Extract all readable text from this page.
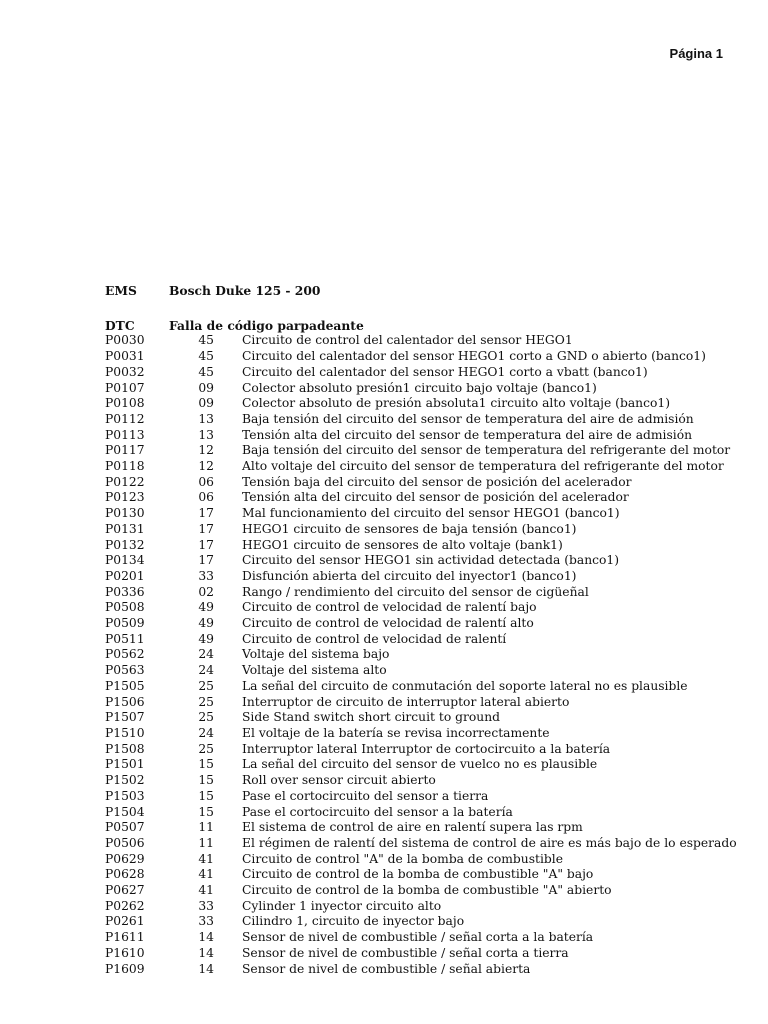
Página 1
EMS	Bosch Duke 125 - 200
DTC	Falla de código parpadeante
P0030	45	Circuito de control del calentador del sensor HEGO1
P0031	45	Circuito del calentador del sensor HEGO1 corto a GND o abierto (banco1)
P0032	45	Circuito del calentador del sensor HEGO1 corto a vbatt (banco1)
P0107	09	Colector absoluto presión1 circuito bajo voltaje (banco1)
P0108	09	Colector absoluto de presión absoluta1 circuito alto voltaje (banco1)
P0112	13	Baja tensión del circuito del sensor de temperatura del aire de admisión
P0113	13	Tensión alta del circuito del sensor de temperatura del aire de admisión
P0117	12	Baja tensión del circuito del sensor de temperatura del refrigerante del motor
P0118	12	Alto voltaje del circuito del sensor de temperatura del refrigerante del motor
P0122	06	Tensión baja del circuito del sensor de posición del acelerador
P0123	06	Tensión alta del circuito del sensor de posición del acelerador
P0130	17	Mal funcionamiento del circuito del sensor HEGO1 (banco1)
P0131	17	HEGO1 circuito de sensores de baja tensión (banco1)
P0132	17	HEGO1 circuito de sensores de alto voltaje (bank1)
P0134	17	Circuito del sensor HEGO1 sin actividad detectada (banco1)
P0201	33	Disfunción abierta del circuito del inyector1 (banco1)
P0336	02	Rango / rendimiento del circuito del sensor de cigüeñal
P0508	49	Circuito de control de velocidad de ralentí bajo
P0509	49	Circuito de control de velocidad de ralentí alto
P0511	49	Circuito de control de velocidad de ralentí
P0562	24	Voltaje del sistema bajo
P0563	24	Voltaje del sistema alto
P1505	25	La señal del circuito de conmutación del soporte lateral no es plausible
P1506	25	Interruptor de circuito de interruptor lateral abierto
P1507	25	Side Stand switch short circuit to ground
P1510	24	El voltaje de la batería se revisa incorrectamente
P1508	25	Interruptor lateral Interruptor de cortocircuito a la batería
P1501	15	La señal del circuito del sensor de vuelco no es plausible
P1502	15	Roll over sensor circuit abierto
P1503	15	Pase el cortocircuito del sensor a tierra
P1504	15	Pase el cortocircuito del sensor a la batería
P0507	11	El sistema de control de aire en ralentí supera las rpm
P0506	11	El régimen de ralentí del sistema de control de aire es más bajo de lo esperado
P0629	41	Circuito de control "A" de la bomba de combustible
P0628	41	Circuito de control de la bomba de combustible "A" bajo
P0627	41	Circuito de control de la bomba de combustible "A" abierto
P0262	33	Cylinder 1 inyector circuito alto
P0261	33	Cilindro 1, circuito de inyector bajo
P1611	14	Sensor de nivel de combustible / señal corta a la batería
P1610	14	Sensor de nivel de combustible / señal corta a tierra
P1609	14	Sensor de nivel de combustible / señal abierta
